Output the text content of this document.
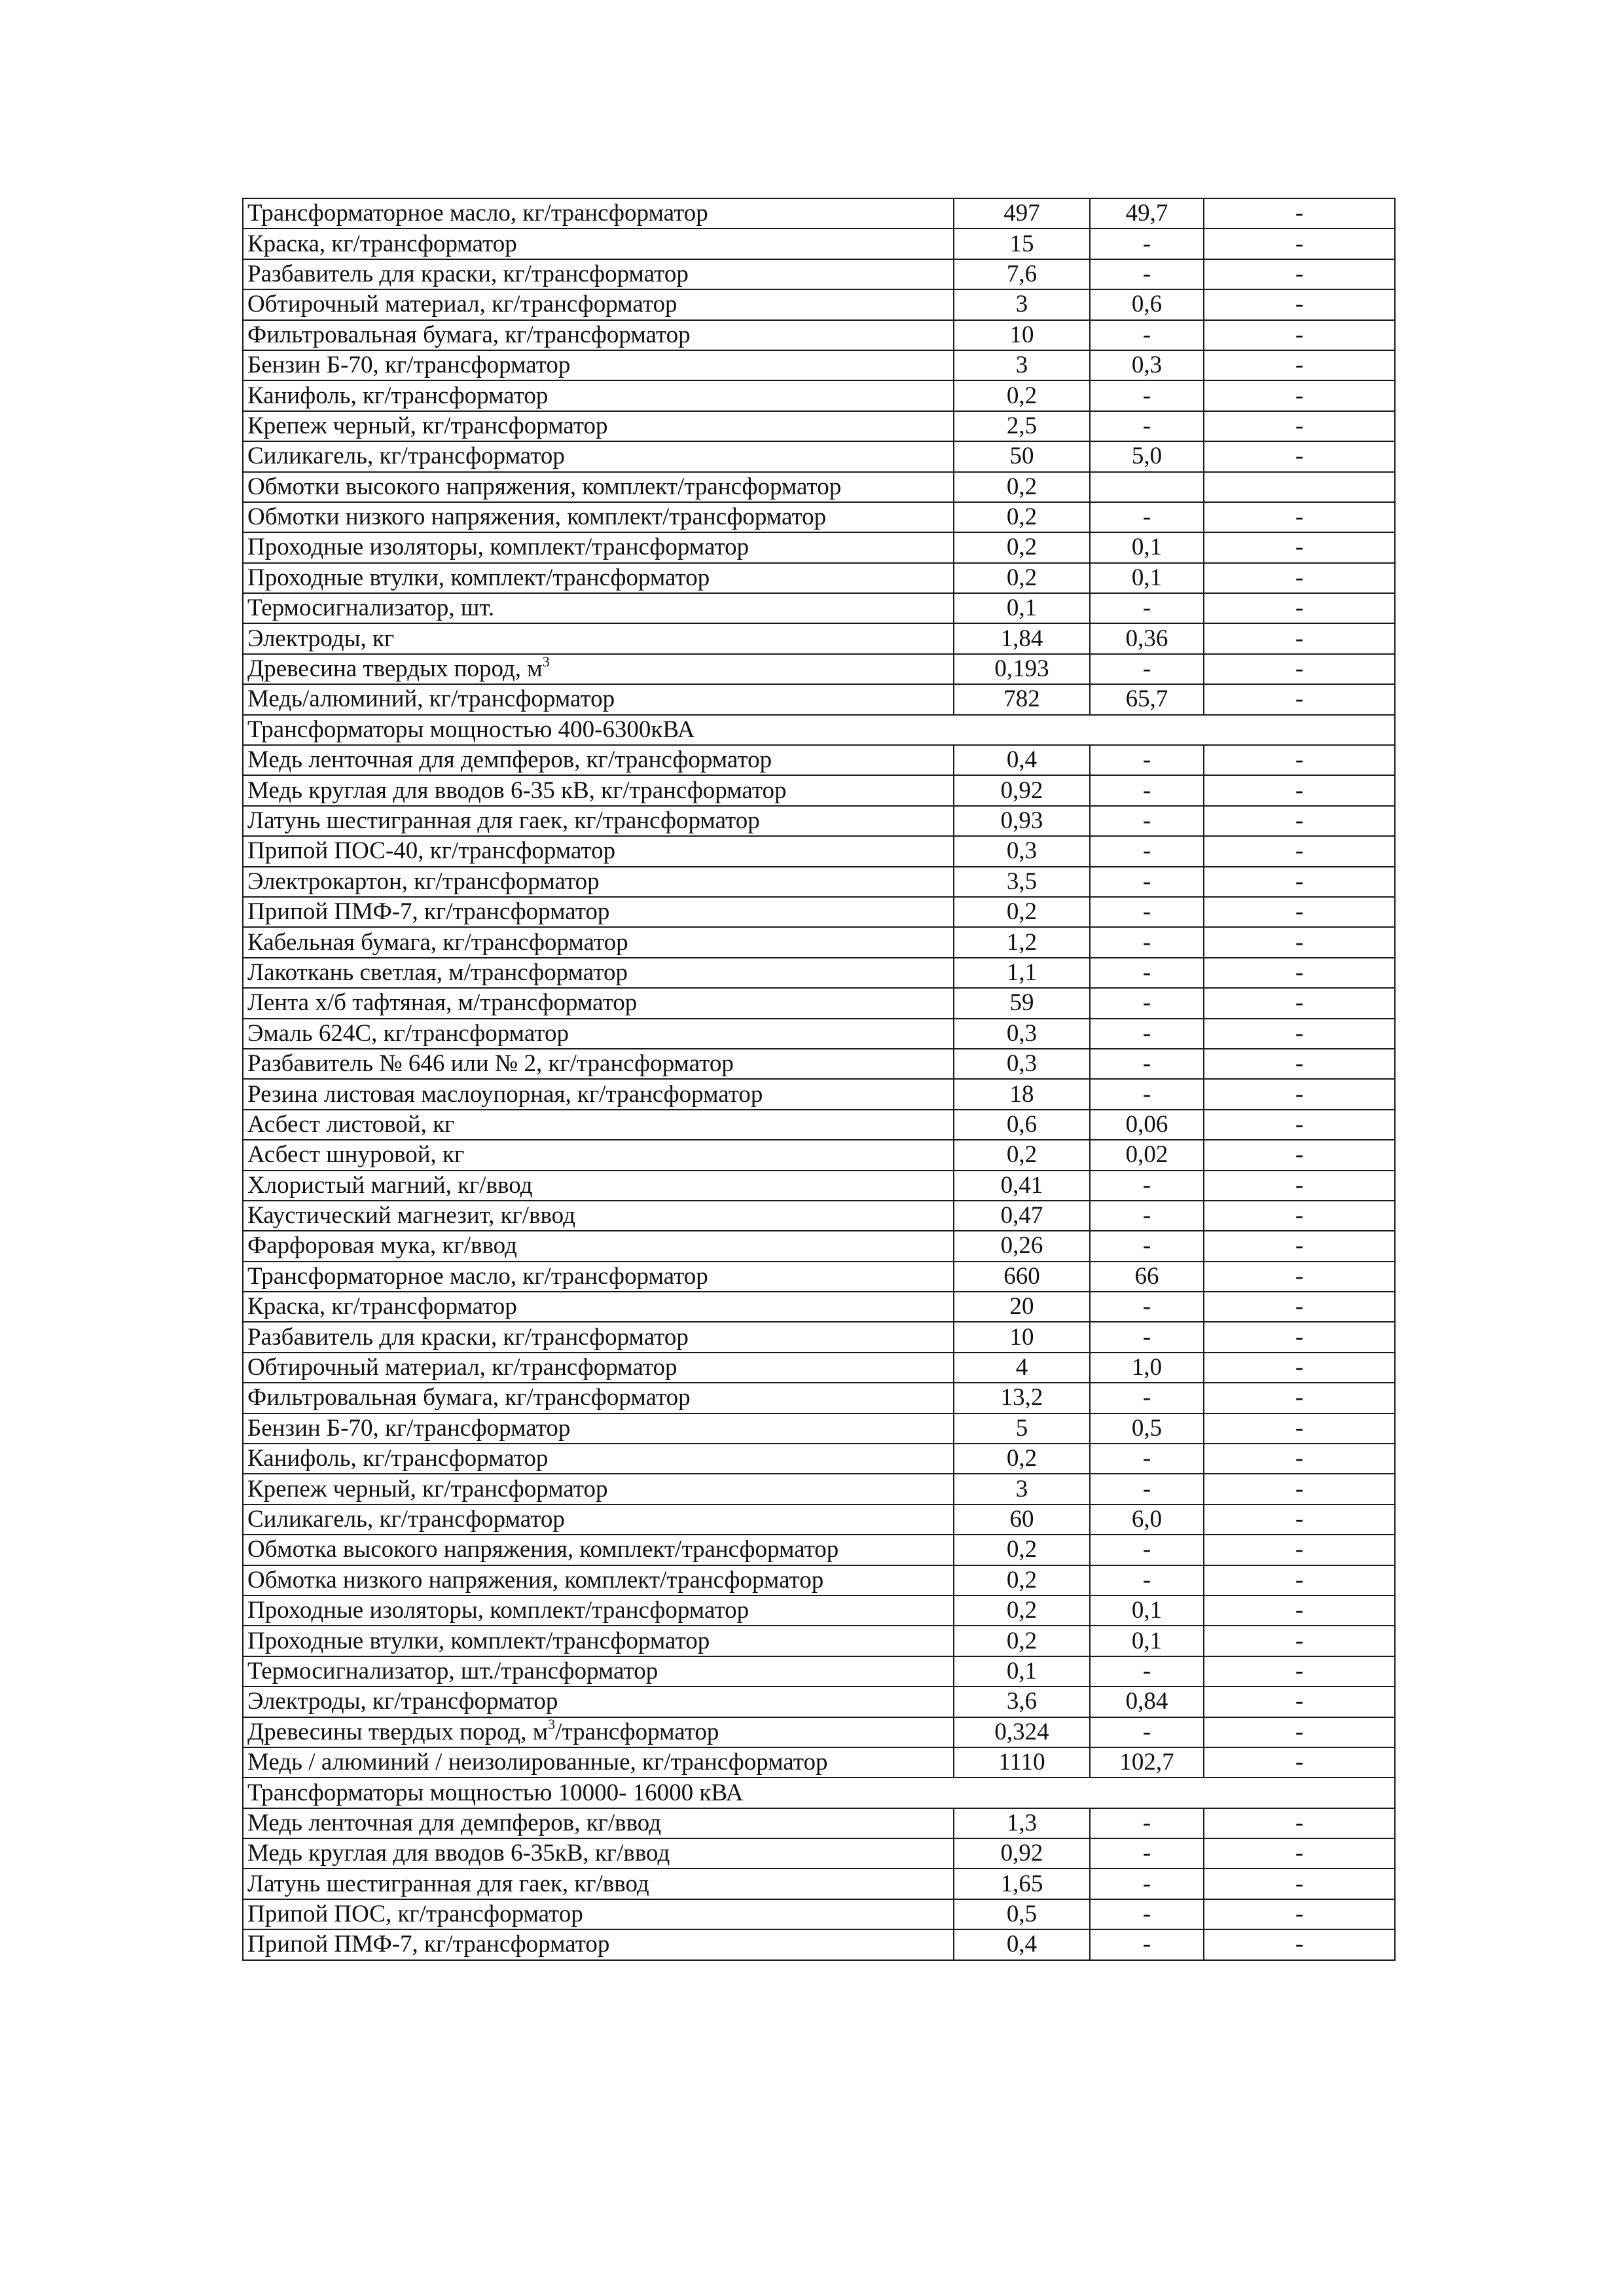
Трансформаторное масло, кг/трансформатор	497	49,7	-
Краска, кг/трансформатор	15	-	-
Разбавитель для краски, кг/трансформатор	7,6	-	-
Обтирочный материал, кг/трансформатор	3	0,6	-
Фильтровальная бумага, кг/трансформатор	10	-	-
Бензин Б-70, кг/трансформатор	3	0,3	-
Канифоль, кг/трансформатор	0,2	-	-
Крепеж черный, кг/трансформатор	2,5	-	-
Силикагель, кг/трансформатор	50	5,0	-
Обмотки высокого напряжения, комплект/трансформатор	0,2		
Обмотки низкого напряжения, комплект/трансформатор	0,2	-	-
Проходные изоляторы, комплект/трансформатор	0,2	0,1	-
Проходные втулки, комплект/трансформатор	0,2	0,1	-
Термосигнализатор, шт.	0,1	-	-
Электроды, кг	1,84	0,36	-
Древесина твердых пород, $м^3$	0,193	-	-
Медь/алюминий, кг/трансформатор	782	65,7	-
Трансформаторы мощностью 400-6300кВА			
Медь ленточная для демпферов, кг/трансформатор	0,4	-	-
Медь круглая для вводов 6-35 кВ, кг/трансформатор	0,92	-	-
Латунь шестигранная для гаек, кг/трансформатор	0,93	-	-
Припой ПОС-40, кг/трансформатор	0,3	-	-
Электрокартон, кг/трансформатор	3,5	-	-
Припой ПМФ-7, кг/трансформатор	0,2	-	-
Кабельная бумага, кг/трансформатор	1,2	-	-
Лакоткань светлая, м/трансформатор	1,1	-	-
Лента х/б тафтяная, м/трансформатор	59	-	-
Эмаль 624С, кг/трансформатор	0,3	-	-
Разбавитель № 646 или № 2, кг/трансформатор	0,3	-	-
Резина листовая маслоупорная, кг/трансформатор	18	-	-
Асбест листовой, кг	0,6	0,06	-
Асбест шнуровой, кг	0,2	0,02	-
Хлористый магний, кг/ввод	0,41	-	-
Каустический магнезит, кг/ввод	0,47	-	-
Фарфоровая мука, кг/ввод	0,26	-	-
Трансформаторное масло, кг/трансформатор	660	66	-
Краска, кг/трансформатор	20	-	-
Разбавитель для краски, кг/трансформатор	10	-	-
Обтирочный материал, кг/трансформатор	4	1,0	-
Фильтровальная бумага, кг/трансформатор	13,2	-	-
Бензин Б-70, кг/трансформатор	5	0,5	-
Канифоль, кг/трансформатор	0,2	-	-
Крепеж черный, кг/трансформатор	3	-	-
Силикагель, кг/трансформатор	60	6,0	-
Обмотка высокого напряжения, комплект/трансформатор	0,2	-	-
Обмотка низкого напряжения, комплект/трансформатор	0,2	-	-
Проходные изоляторы, комплект/трансформатор	0,2	0,1	-
Проходные втулки, комплект/трансформатор	0,2	0,1	-
Термосигнализатор, шт./трансформатор	0,1	-	-
Электроды, кг/трансформатор	3,6	0,84	-
Древесины твердых пород, $м^3$/трансформатор	0,324	-	-
Медь / алюминий / неизолированные, кг/трансформатор	1110	102,7	-
Трансформаторы мощностью 10000- 16000 кВА			
Медь ленточная для демпферов, кг/ввод	1,3	-	-
Медь круглая для вводов 6-35кВ, кг/ввод	0,92	-	-
Латунь шестигранная для гаек, кг/ввод	1,65	-	-
Припой ПОС, кг/трансформатор	0,5	-	-
Припой ПМФ-7, кг/трансформатор	0,4	-	-
